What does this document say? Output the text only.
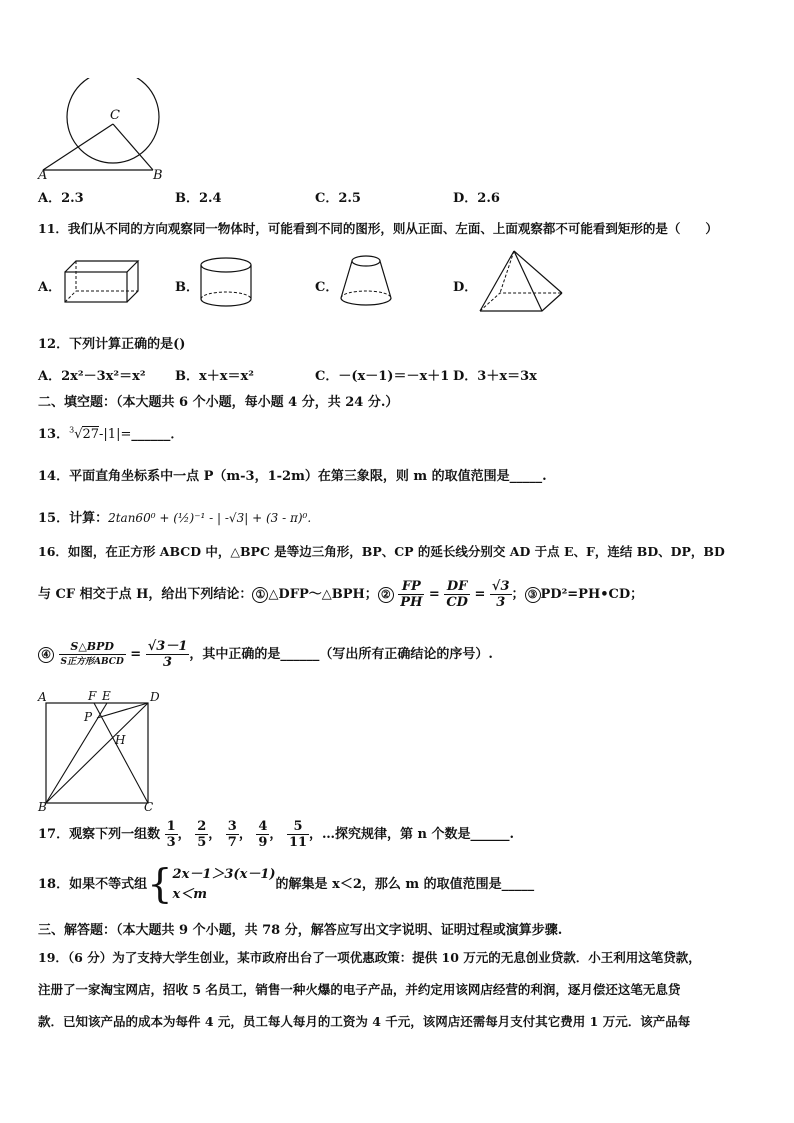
C
A	B
A．2.3	B．2.4	C．2.5	D．2.6
11．我们从不同的方向观察同一物体时，可能看到不同的图形，则从正面、左面、上面观察都不可能看到矩形的是（　　）
A．	B．	C．	D．
12．下列计算正确的是()
A．2x²－3x²＝x² B．x＋x＝x²	C．－(x－1)＝－x＋1 D．3＋x＝3x
二、填空题：（本大题共 6 个小题，每小题 4 分，共 24 分.）
13．$^3$√27-|1|=______．
14．平面直角坐标系中一点 P（m-3，1-2m）在第三象限，则 m 的取值范围是_____.
15．计算：2tan60⁰ + (½)⁻¹ - | -√3| + (3 - π)⁰.
16．如图，在正方形 ABCD 中，△BPC 是等边三角形，BP、CP 的延长线分别交 AD 于点 E、F，连结 BD、DP，BD
与 CF 相交于点 H，给出下列结论： ① △DFP～△BPH； ② $\frac{FP}{PH} = \frac{DF}{CD} = \frac{√3}{3}$ ； ③ PD²=PH•CD；
④ $\frac{\text{S△BPD}}{\text{S正方形ABCD}} = \frac{√3-1}{3}$ ，其中正确的是______（写出所有正确结论的序号）.
A	F E	D
P
H
B	C
17．观察下列一组数 $\frac{1}{3}$ ， $\frac{2}{5}$ ， $\frac{3}{7}$ ， $\frac{4}{9}$ ， $\frac{5}{11}$ ，…探究规律，第 n 个数是______.
18．如果不等式组{ 2x－1＞3(x－1)
x＜m
的解集是 x＜2，那么 m 的取值范围是_____
三、解答题：（本大题共 9 个小题，共 78 分，解答应写出文字说明、证明过程或演算步骤.
19．（6 分）为了支持大学生创业，某市政府出台了一项优惠政策：提供 10 万元的无息创业贷款．小王利用这笔贷款，
注册了一家淘宝网店，招收 5 名员工，销售一种火爆的电子产品，并约定用该网店经营的利润，逐月偿还这笔无息贷
款．已知该产品的成本为每件 4 元，员工每人每月的工资为 4 千元，该网店还需每月支付其它费用 1 万元．该产品每
